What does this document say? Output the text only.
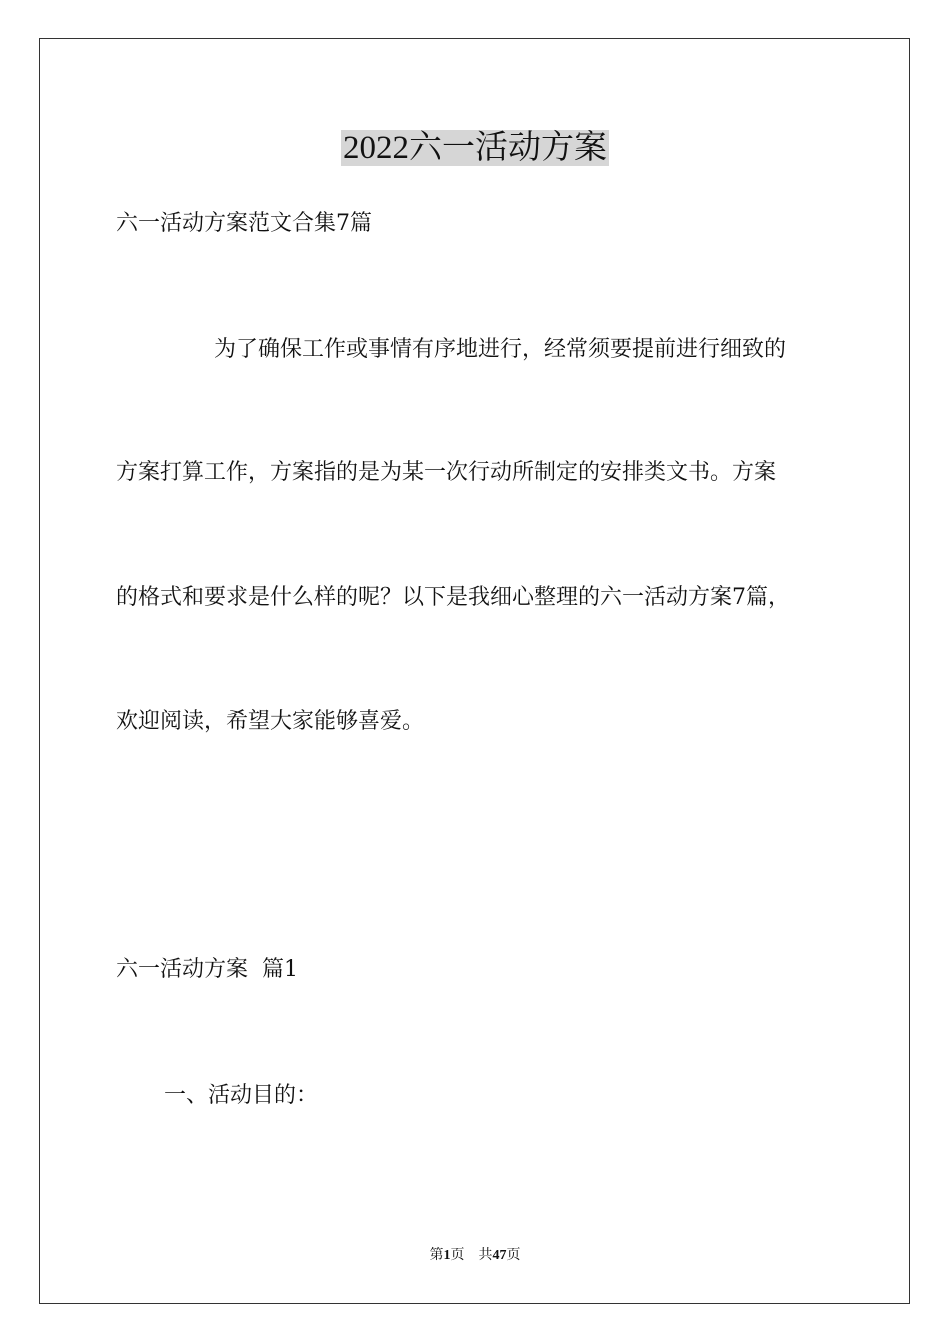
2022六一活动方案
六一活动方案范文合集7篇
为了确保工作或事情有序地进行，经常须要提前进行细致的
方案打算工作，方案指的是为某一次行动所制定的安排类文书。方案
的格式和要求是什么样的呢？以下是我细心整理的六一活动方案7篇，
欢迎阅读，希望大家能够喜爱。
六一活动方案  篇1
一、活动目的：
第1页 共47页
